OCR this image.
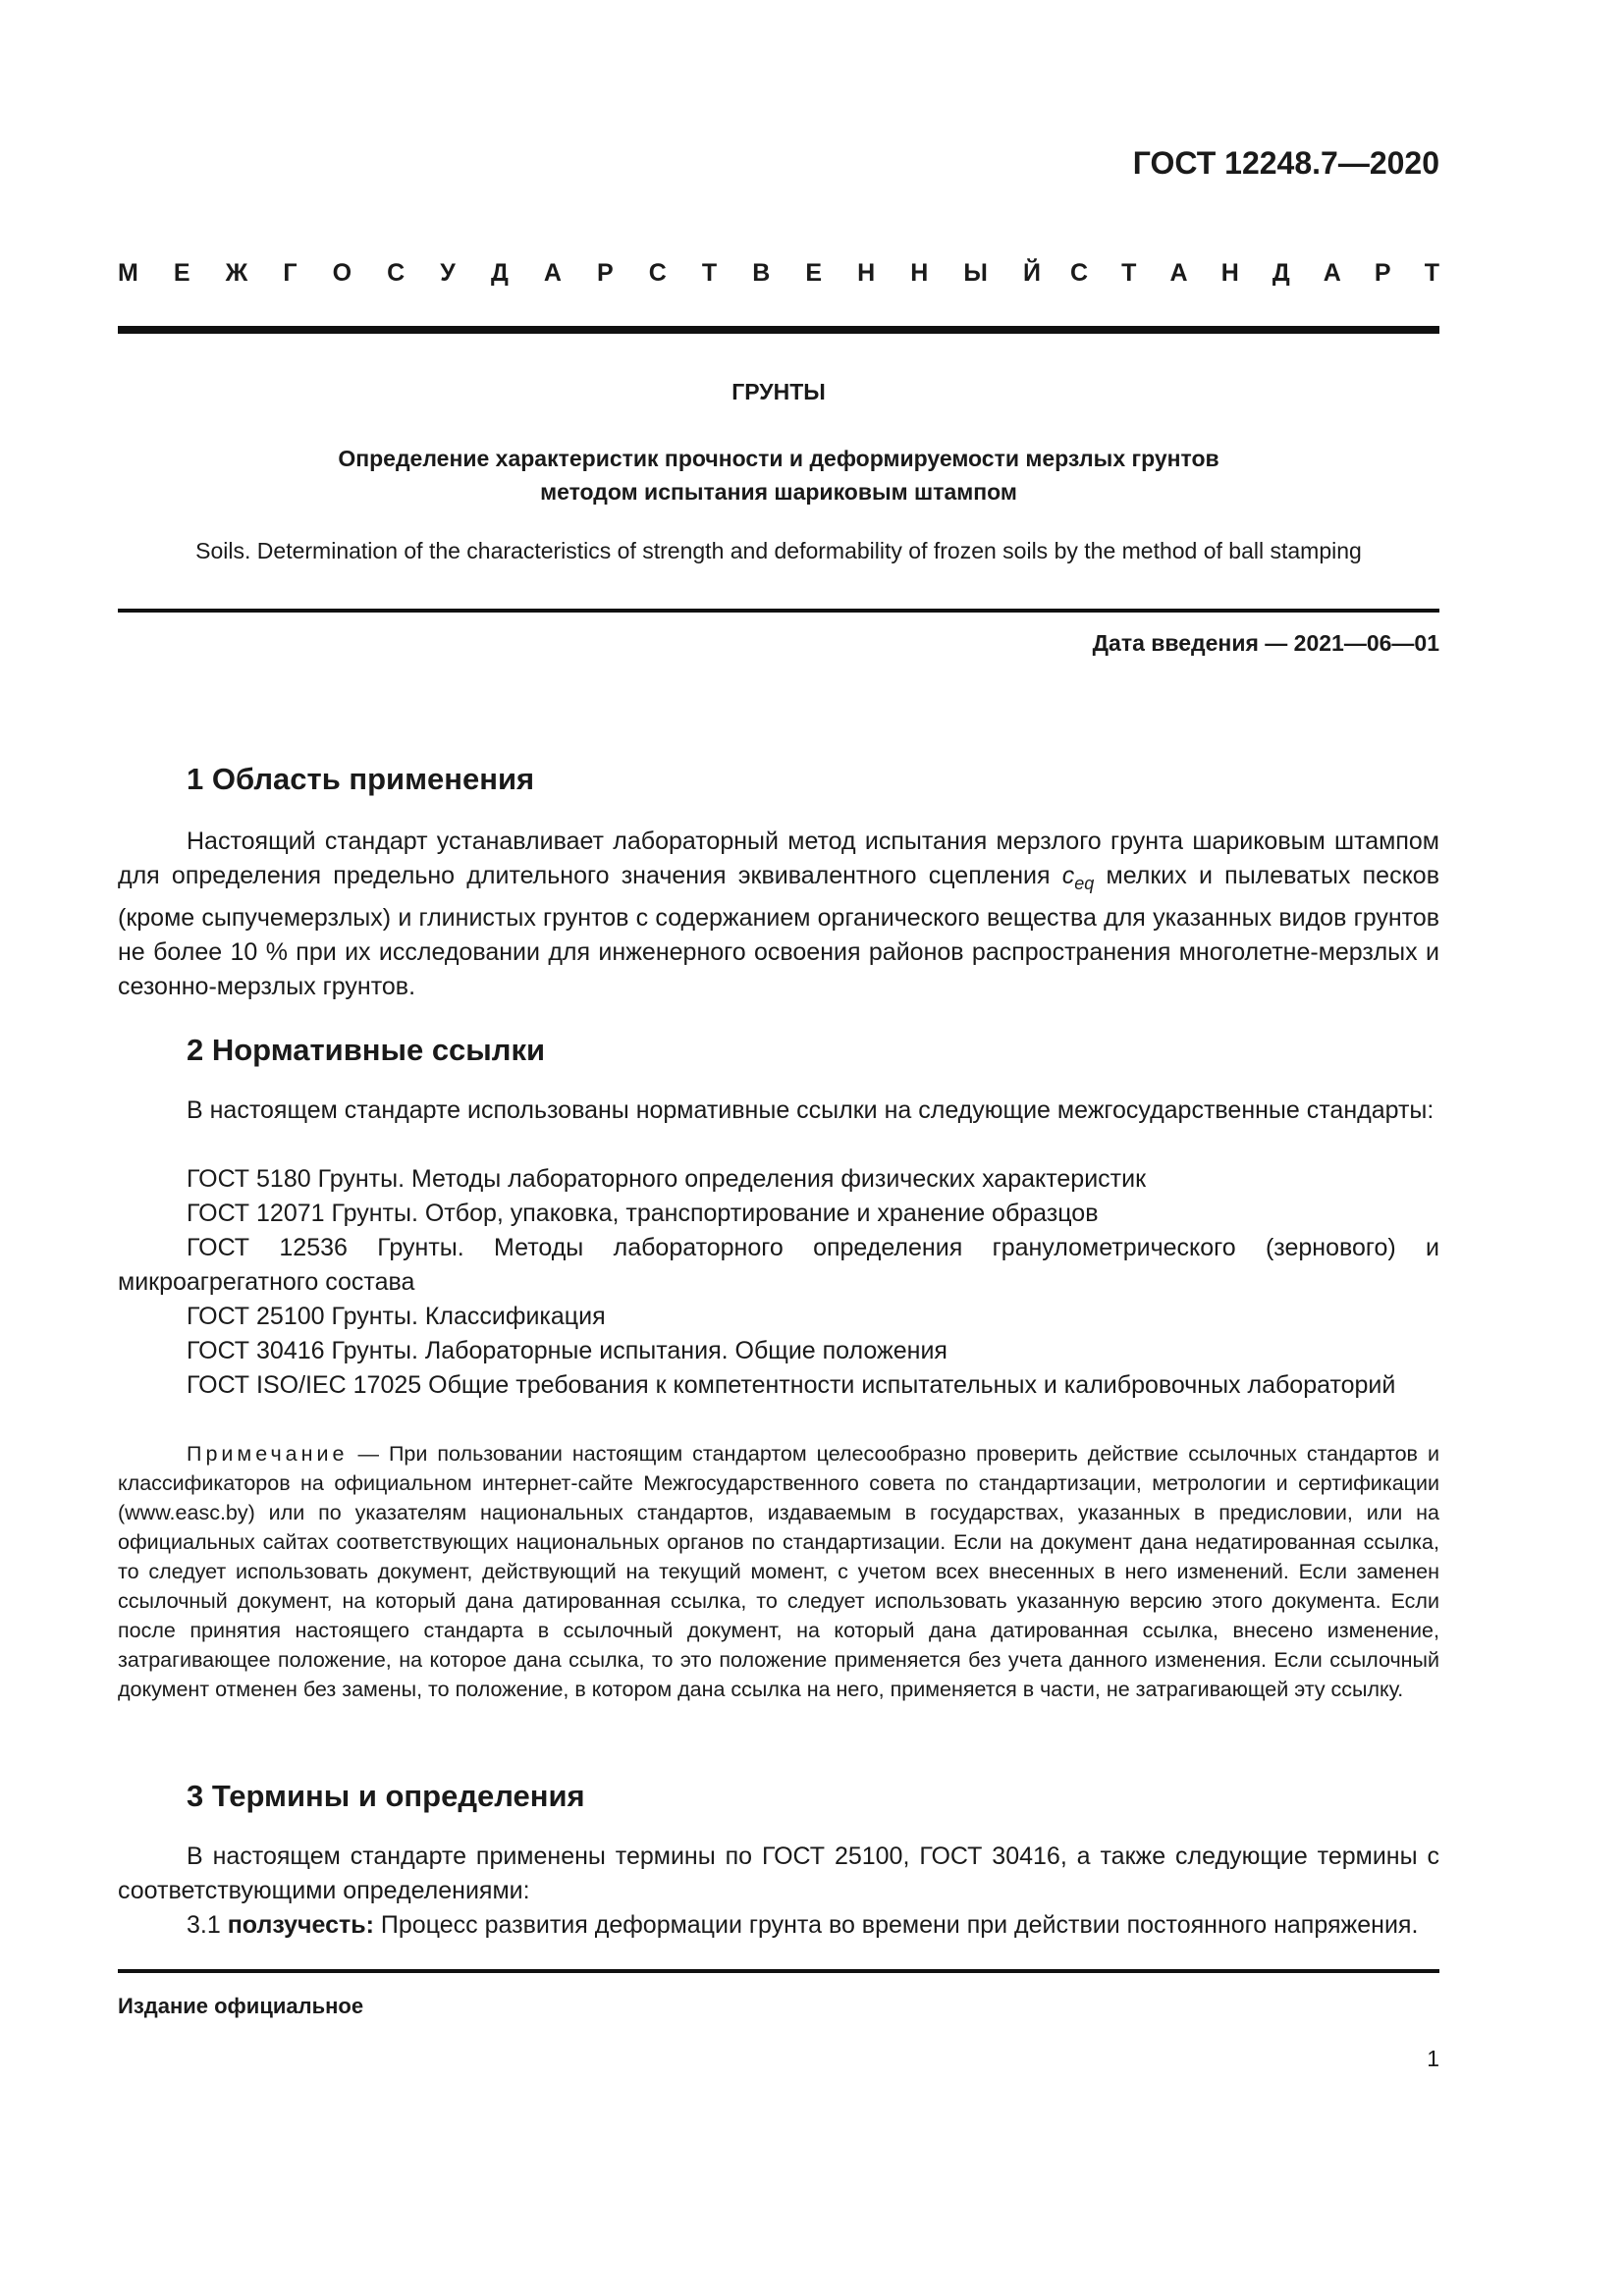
ГОСТ 12248.7—2020
М Е Ж Г О С У Д А Р С Т В Е Н Н Ы Й С Т А Н Д А Р Т
ГРУНТЫ
Определение характеристик прочности и деформируемости мерзлых грунтов
методом испытания шариковым штампом
Soils. Determination of the characteristics of strength and deformability of frozen soils by the method of ball stamping
Дата введения — 2021—06—01
1 Область применения

Настоящий стандарт устанавливает лабораторный метод испытания мерзлого грунта шариковым штампом для определения предельно длительного значения эквивалентного сцепления $c_{eq}$ мелких и пылеватых песков (кроме сыпучемерзлых) и глинистых грунтов с содержанием органического вещества для указанных видов грунтов не более 10 % при их исследовании для инженерного освоения районов распространения многолетне-мерзлых и сезонно-мерзлых грунтов.

2 Нормативные ссылки

В настоящем стандарте использованы нормативные ссылки на следующие межгосударственные стандарты:

ГОСТ 5180 Грунты. Методы лабораторного определения физических характеристик
ГОСТ 12071 Грунты. Отбор, упаковка, транспортирование и хранение образцов
ГОСТ 12536 Грунты. Методы лабораторного определения гранулометрического (зернового) и микроагрегатного состава
ГОСТ 25100 Грунты. Классификация
ГОСТ 30416 Грунты. Лабораторные испытания. Общие положения
ГОСТ ISO/IEC 17025 Общие требования к компетентности испытательных и калибровочных лабораторий

Примечание — При пользовании настоящим стандартом целесообразно проверить действие ссылочных стандартов и классификаторов на официальном интернет-сайте Межгосударственного совета по стандартизации, метрологии и сертификации (www.easc.by) или по указателям национальных стандартов, издаваемым в государствах, указанных в предисловии, или на официальных сайтах соответствующих национальных органов по стандартизации. Если на документ дана недатированная ссылка, то следует использовать документ, действующий на текущий момент, с учетом всех внесенных в него изменений. Если заменен ссылочный документ, на который дана датированная ссылка, то следует использовать указанную версию этого документа. Если после принятия настоящего стандарта в ссылочный документ, на который дана датированная ссылка, внесено изменение, затрагивающее положение, на которое дана ссылка, то это положение применяется без учета данного изменения. Если ссылочный документ отменен без замены, то положение, в котором дана ссылка на него, применяется в части, не затрагивающей эту ссылку.

3 Термины и определения

В настоящем стандарте применены термины по ГОСТ 25100, ГОСТ 30416, а также следующие термины с соответствующими определениями:

3.1 ползучесть: Процесс развития деформации грунта во времени при действии постоянного напряжения.

Издание официальное
1
